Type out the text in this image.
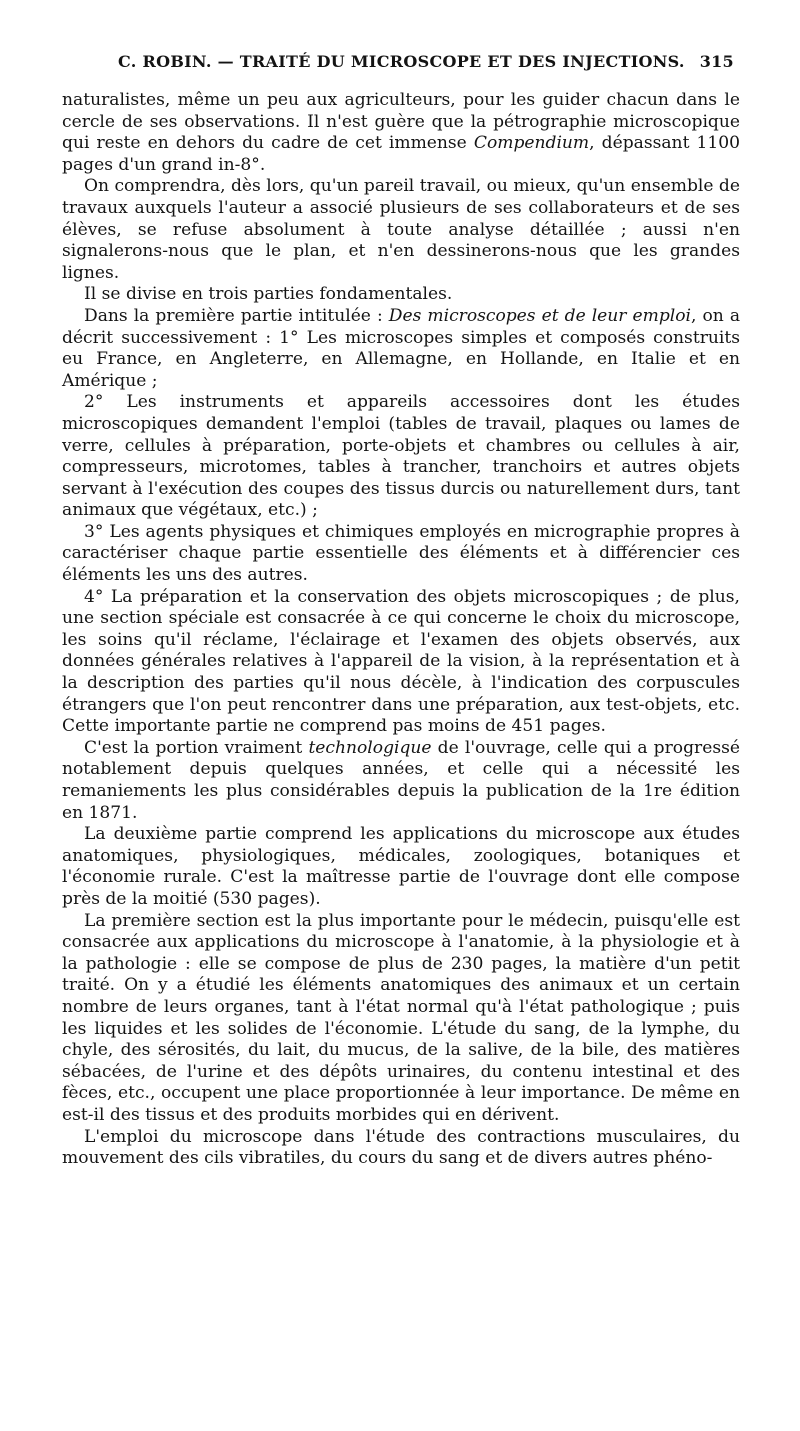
C. ROBIN. — TRAITÉ DU MICROSCOPE ET DES INJECTIONS. 315

naturalistes, même un peu aux agriculteurs, pour les guider chacun dans le cercle de ses observations. Il n'est guère que la pétrographie microscopique qui reste en dehors du cadre de cet immense Compendium, dépassant 1100 pages d'un grand in-8°.

On comprendra, dès lors, qu'un pareil travail, ou mieux, qu'un ensemble de travaux auxquels l'auteur a associé plusieurs de ses collaborateurs et de ses élèves, se refuse absolument à toute analyse détaillée ; aussi n'en signalerons-nous que le plan, et n'en dessinerons-nous que les grandes lignes.

Il se divise en trois parties fondamentales.

Dans la première partie intitulée : Des microscopes et de leur emploi, on a décrit successivement : 1° Les microscopes simples et composés construits eu France, en Angleterre, en Allemagne, en Hollande, en Italie et en Amérique ;

2° Les instruments et appareils accessoires dont les études microscopiques demandent l'emploi (tables de travail, plaques ou lames de verre, cellules à préparation, porte-objets et chambres ou cellules à air, compresseurs, microtomes, tables à trancher, tranchoirs et autres objets servant à l'exécution des coupes des tissus durcis ou naturellement durs, tant animaux que végétaux, etc.) ;

3° Les agents physiques et chimiques employés en micrographie propres à caractériser chaque partie essentielle des éléments et à différencier ces éléments les uns des autres.

4° La préparation et la conservation des objets microscopiques ; de plus, une section spéciale est consacrée à ce qui concerne le choix du microscope, les soins qu'il réclame, l'éclairage et l'examen des objets observés, aux données générales relatives à l'appareil de la vision, à la représentation et à la description des parties qu'il nous décèle, à l'indication des corpuscules étrangers que l'on peut rencontrer dans une préparation, aux test-objets, etc. Cette importante partie ne comprend pas moins de 451 pages.

C'est la portion vraiment technologique de l'ouvrage, celle qui a progressé notablement depuis quelques années, et celle qui a nécessité les remaniements les plus considérables depuis la publication de la 1re édition en 1871.

La deuxième partie comprend les applications du microscope aux études anatomiques, physiologiques, médicales, zoologiques, botaniques et l'économie rurale. C'est la maîtresse partie de l'ouvrage dont elle compose près de la moitié (530 pages).

La première section est la plus importante pour le médecin, puisqu'elle est consacrée aux applications du microscope à l'anatomie, à la physiologie et à la pathologie : elle se compose de plus de 230 pages, la matière d'un petit traité. On y a étudié les éléments anatomiques des animaux et un certain nombre de leurs organes, tant à l'état normal qu'à l'état pathologique ; puis les liquides et les solides de l'économie. L'étude du sang, de la lymphe, du chyle, des sérosités, du lait, du mucus, de la salive, de la bile, des matières sébacées, de l'urine et des dépôts urinaires, du contenu intestinal et des fèces, etc., occupent une place proportionnée à leur importance. De même en est-il des tissus et des produits morbides qui en dérivent.

L'emploi du microscope dans l'étude des contractions musculaires, du mouvement des cils vibratiles, du cours du sang et de divers autres phéno-
